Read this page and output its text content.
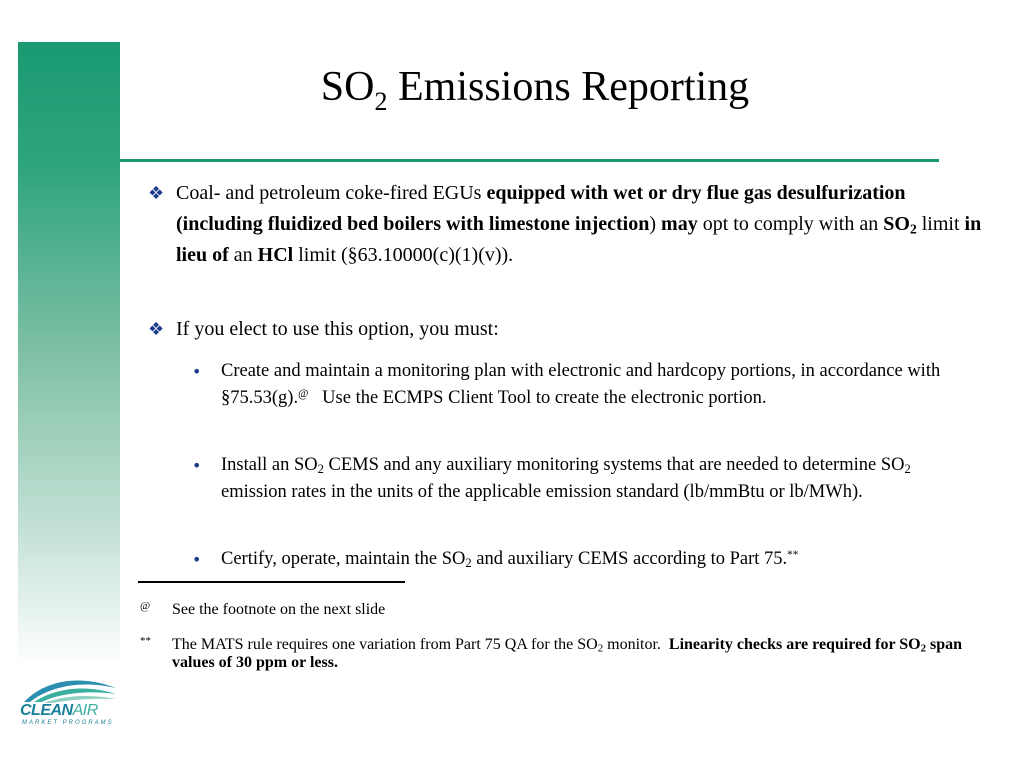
$SO_2$ Emissions Reporting
❖ Coal- and petroleum coke-fired EGUs equipped with wet or dry flue gas desulfurization (including fluidized bed boilers with limestone injection) may opt to comply with an $SO_2$ limit in lieu of an HCl limit (§63.10000(c)(1)(v)).
❖ If you elect to use this option, you must:
• Create and maintain a monitoring plan with electronic and hardcopy portions, in accordance with §75.53(g).@   Use the ECMPS Client Tool to create the electronic portion.
• Install an $SO_2$ CEMS and any auxiliary monitoring systems that are needed to determine $SO_2$ emission rates in the units of the applicable emission standard (lb/mmBtu or lb/MWh).
• Certify, operate, maintain the $SO_2$ and auxiliary CEMS according to Part 75.**
@ See the footnote on the next slide
** The MATS rule requires one variation from Part 75 QA for the $SO_2$ monitor.  Linearity checks are required for $SO_2$ span values of 30 ppm or less.
CLEANAIR
MARKET PROGRAMS
